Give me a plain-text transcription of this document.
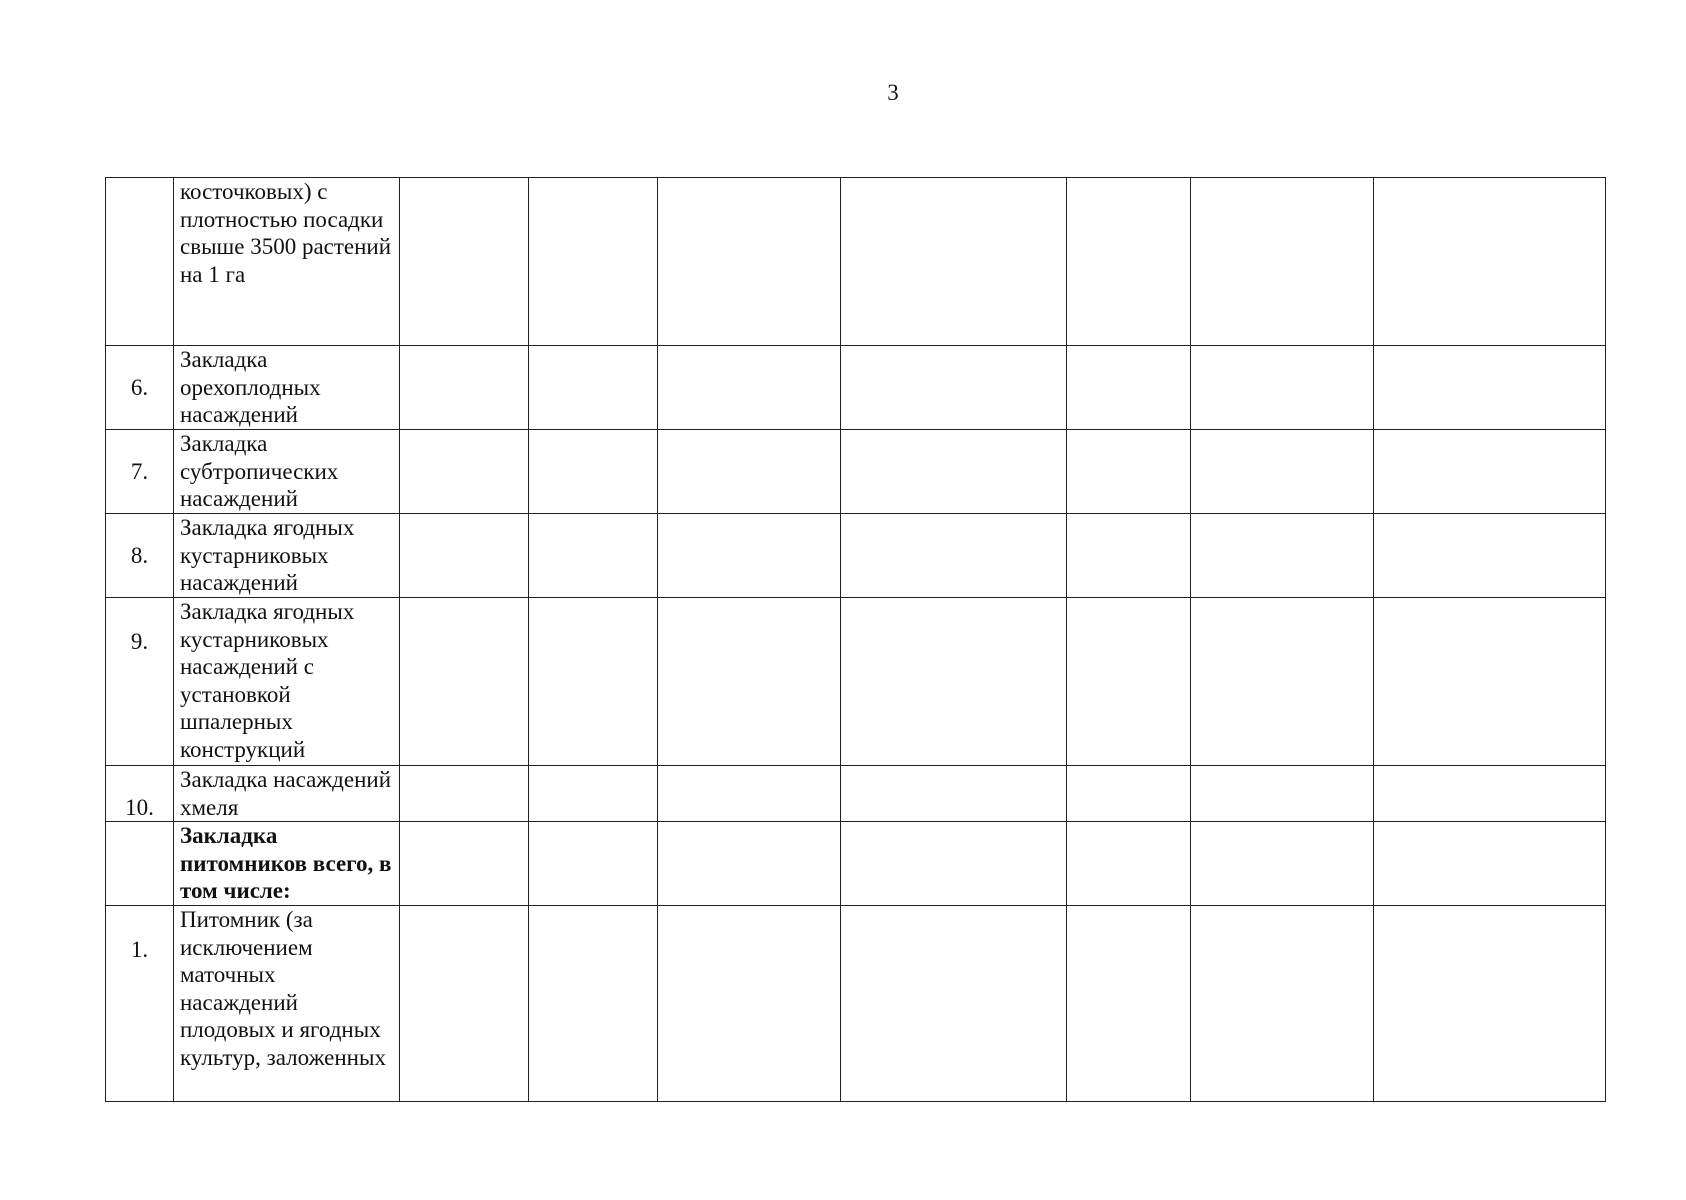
3
	косточковых) с плотностью посадки свыше 3500 растений на 1 га							
6.	Закладка орехоплодных насаждений							
7.	Закладка субтропических насаждений							
8.	Закладка ягодных кустарниковых насаждений							
9.	Закладка ягодных кустарниковых насаждений с установкой шпалерных конструкций							
10.	Закладка насаждений хмеля							
	Закладка питомников всего, в том числе:							
1.	Питомник (за исключением маточных насаждений плодовых и ягодных культур, заложенных							
